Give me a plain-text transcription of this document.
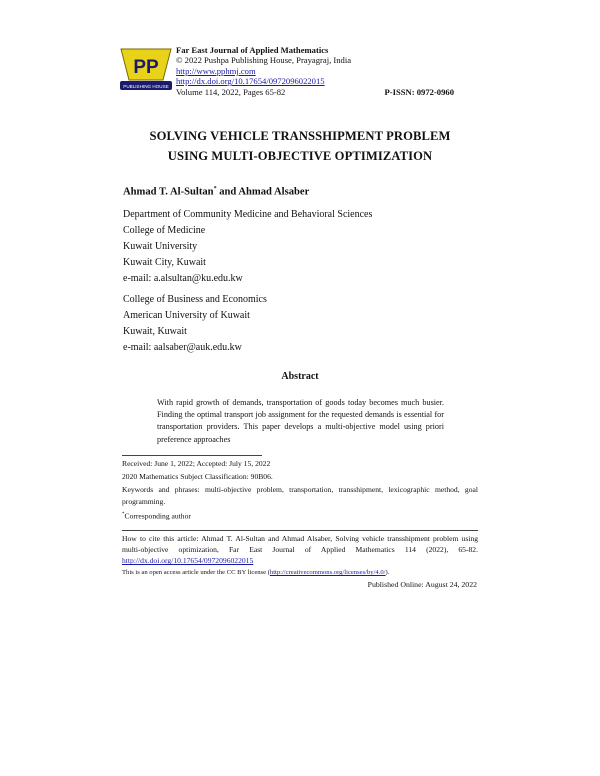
PP
PUBLISHING HOUSE
Far East Journal of Applied Mathematics
© 2022 Pushpa Publishing House, Prayagraj, India
http://www.pphmj.com
http://dx.doi.org/10.17654/0972096022015
Volume 114, 2022, Pages 65-82	P-ISSN: 0972-0960
SOLVING VEHICLE TRANSSHIPMENT PROBLEM
USING MULTI-OBJECTIVE OPTIMIZATION
Ahmad T. Al-Sultan* and Ahmad Alsaber
Department of Community Medicine and Behavioral Sciences
College of Medicine
Kuwait University
Kuwait City, Kuwait
e-mail: a.alsultan@ku.edu.kw
College of Business and Economics
American University of Kuwait
Kuwait, Kuwait
e-mail: aalsaber@auk.edu.kw
Abstract

With rapid growth of demands, transportation of goods today becomes much busier. Finding the optimal transport job assignment for the requested demands is essential for transportation providers. This paper develops a multi-objective model using priori preference approaches

Received: June 1, 2022; Accepted: July 15, 2022

2020 Mathematics Subject Classification: 90B06.

Keywords and phrases: multi-objective problem, transportation, transshipment, lexicographic method, goal programming.

*Corresponding author

How to cite this article: Ahmad T. Al-Sultan and Ahmad Alsaber, Solving vehicle transshipment problem using multi-objective optimization, Far East Journal of Applied Mathematics 114 (2022), 65-82. http://dx.doi.org/10.17654/0972096022015

This is an open access article under the CC BY license (http://creativecommons.org/licenses/by/4.0/).
Published Online: August 24, 2022
